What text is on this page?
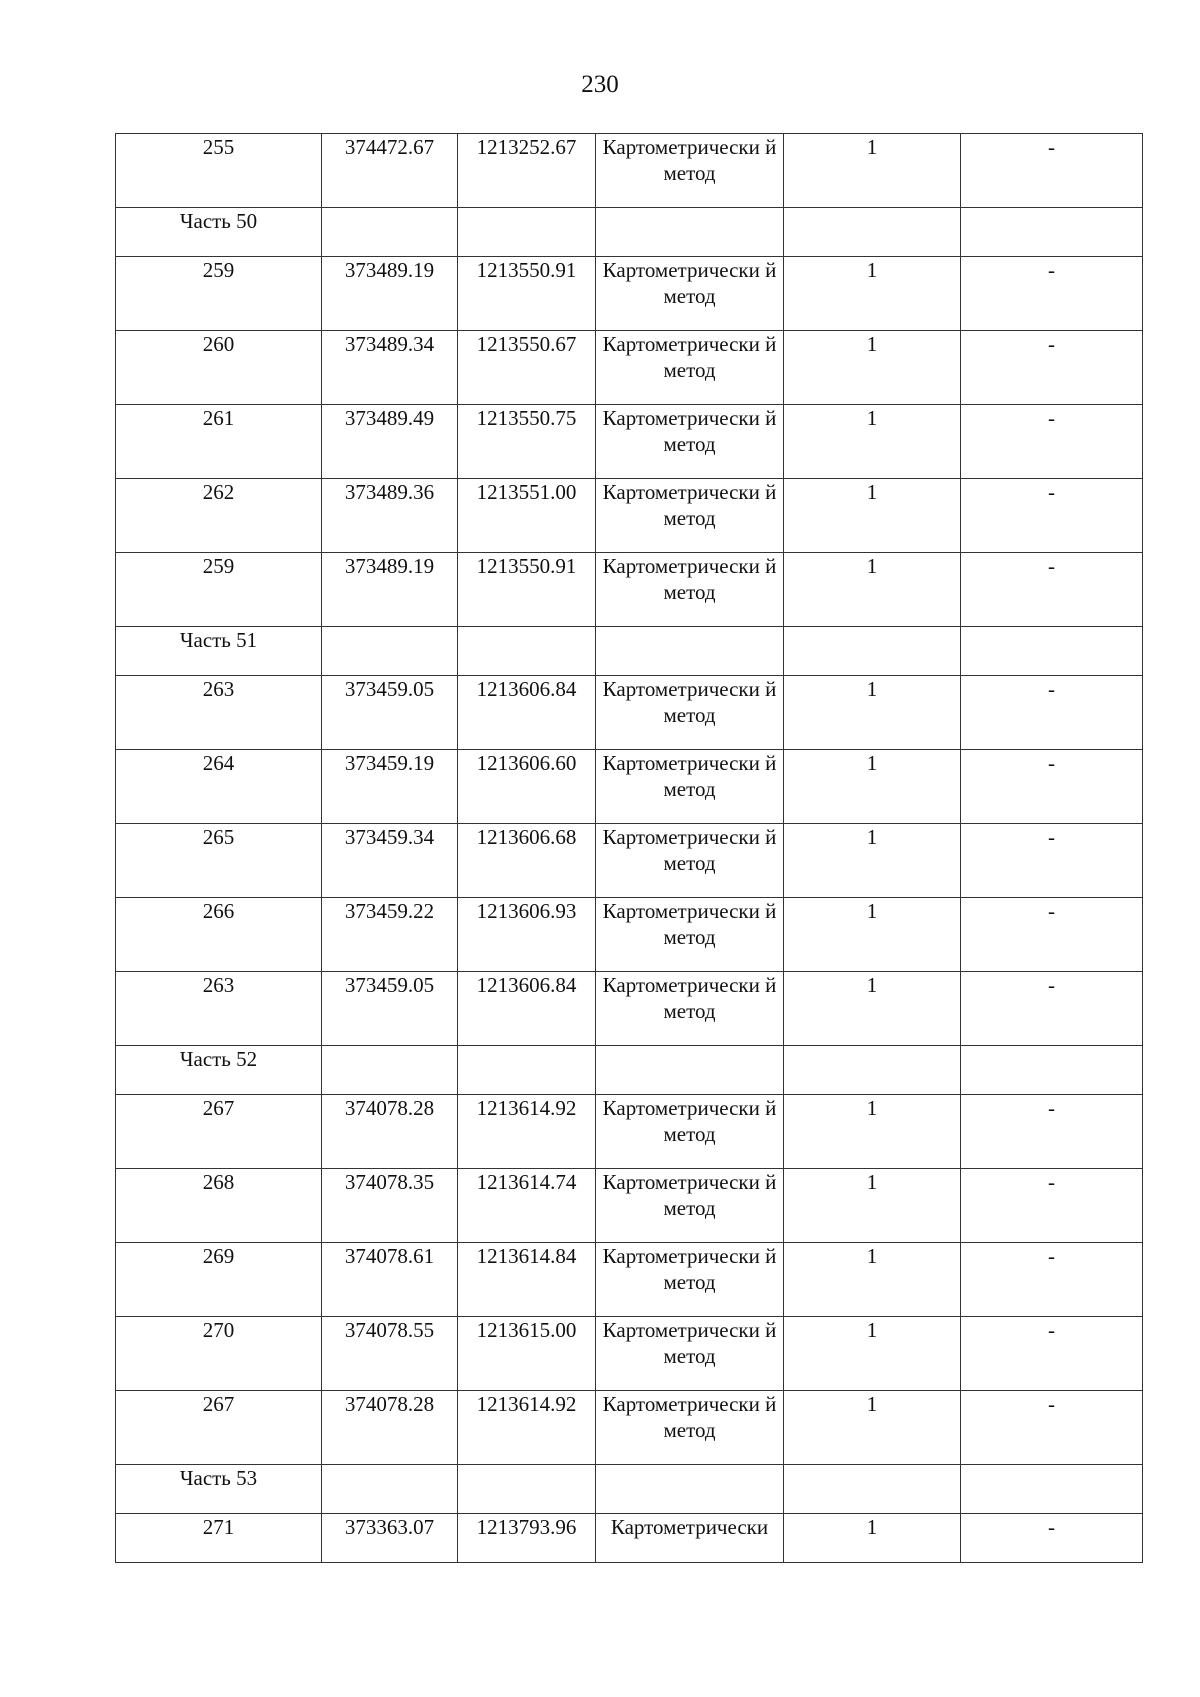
230
255	374472.67	1213252.67	Картометрически й метод	1	-
Часть 50					
259	373489.19	1213550.91	Картометрически й метод	1	-
260	373489.34	1213550.67	Картометрически й метод	1	-
261	373489.49	1213550.75	Картометрически й метод	1	-
262	373489.36	1213551.00	Картометрически й метод	1	-
259	373489.19	1213550.91	Картометрически й метод	1	-
Часть 51					
263	373459.05	1213606.84	Картометрически й метод	1	-
264	373459.19	1213606.60	Картометрически й метод	1	-
265	373459.34	1213606.68	Картометрически й метод	1	-
266	373459.22	1213606.93	Картометрически й метод	1	-
263	373459.05	1213606.84	Картометрически й метод	1	-
Часть 52					
267	374078.28	1213614.92	Картометрически й метод	1	-
268	374078.35	1213614.74	Картометрически й метод	1	-
269	374078.61	1213614.84	Картометрически й метод	1	-
270	374078.55	1213615.00	Картометрически й метод	1	-
267	374078.28	1213614.92	Картометрически й метод	1	-
Часть 53					
271	373363.07	1213793.96	Картометрически	1	-
